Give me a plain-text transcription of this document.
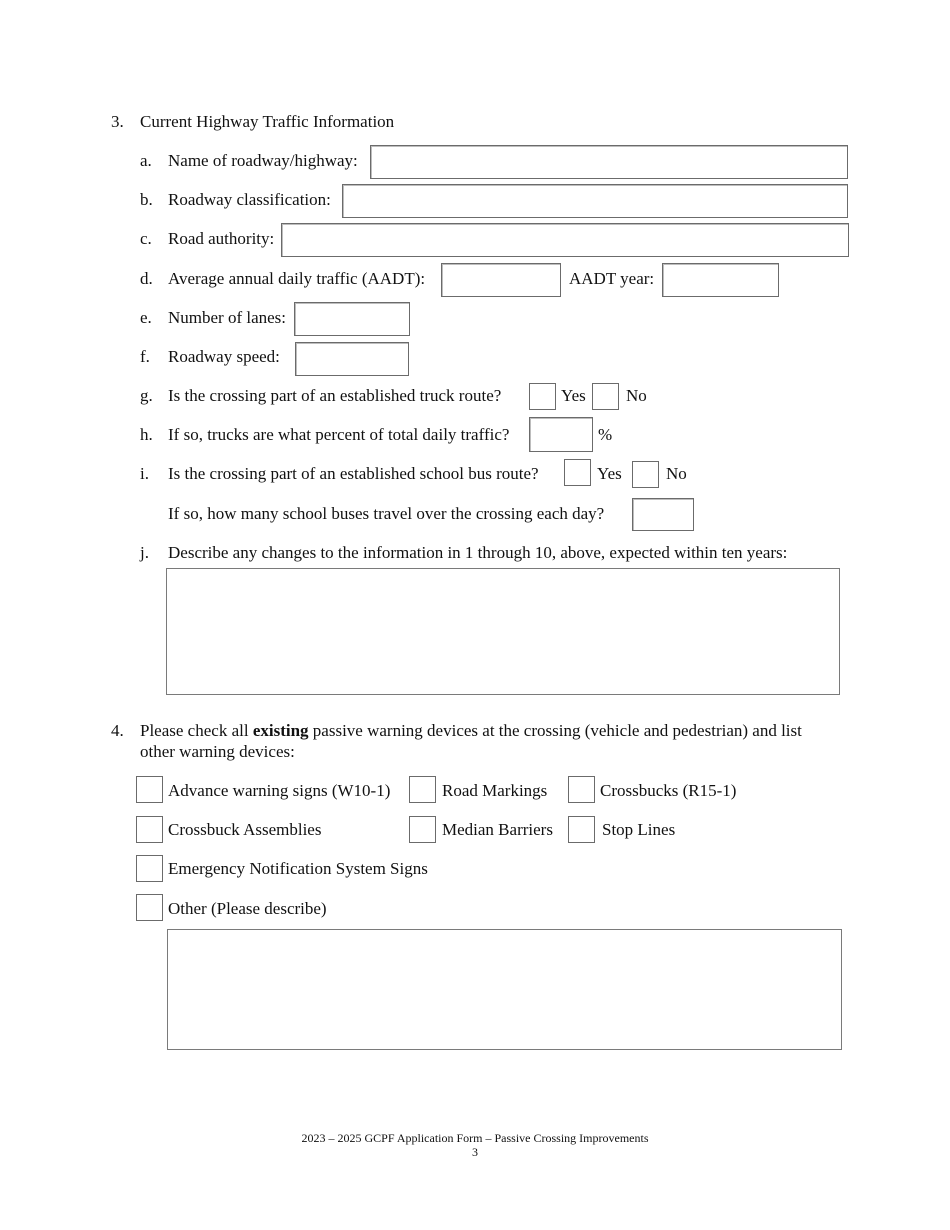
3. Current Highway Traffic Information
a. Name of roadway/highway:
b. Roadway classification:
c. Road authority:
d. Average annual daily traffic (AADT):	AADT year:
e. Number of lanes:
f. Roadway speed:
g. Is the crossing part of an established truck route?	Yes No
h. If so, trucks are what percent of total daily traffic?	%
i. Is the crossing part of an established school bus route?	Yes	No
If so, how many school buses travel over the crossing each day?
j. Describe any changes to the information in 1 through 10, above, expected within ten years:
4. Please check all existing passive warning devices at the crossing (vehicle and pedestrian) and list
other warning devices:
Advance warning signs (W10-1)	Road Markings	Crossbucks (R15-1)
Crossbuck Assemblies	Median Barriers	Stop Lines
Emergency Notification System Signs
Other (Please describe)
2023 – 2025 GCPF Application Form – Passive Crossing Improvements
3
